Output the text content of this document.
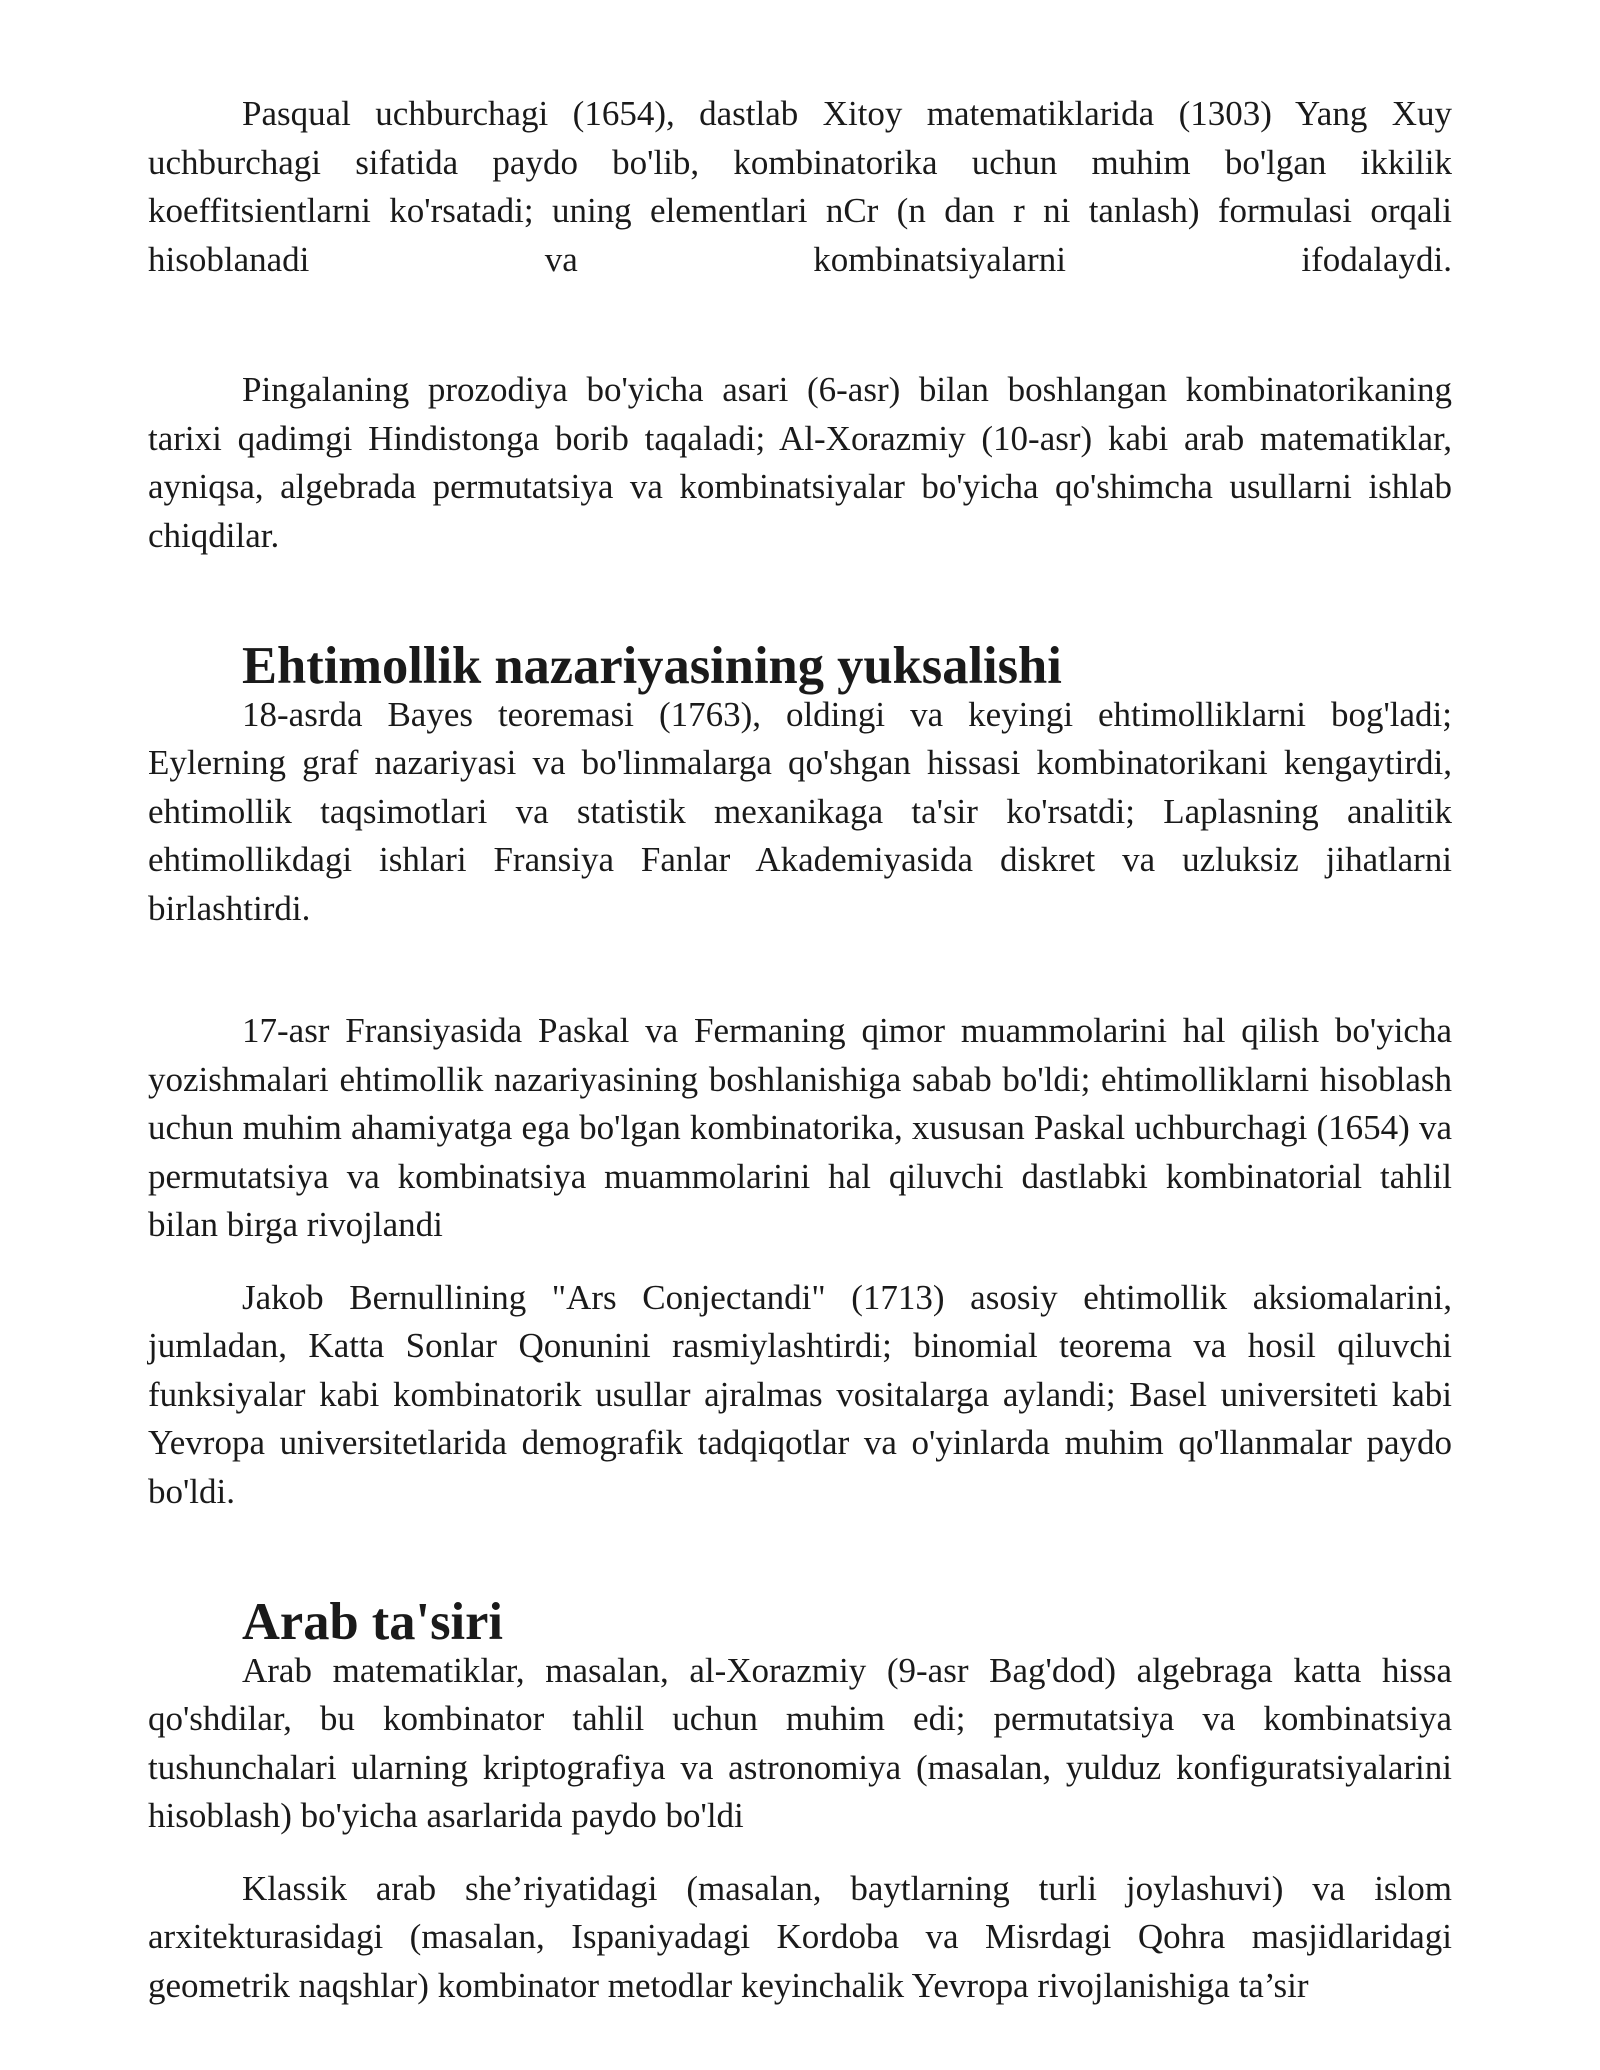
Pasqual uchburchagi (1654), dastlab Xitoy matematiklarida (1303) Yang Xuy uchburchagi sifatida paydo bo'lib, kombinatorika uchun muhim bo'lgan ikkilik koeffitsientlarni ko'rsatadi; uning elementlari nCr (n dan r ni tanlash) formulasi orqali hisoblanadi va kombinatsiyalarni ifodalaydi.

Pingalaning prozodiya bo'yicha asari (6-asr) bilan boshlangan kombinatorikaning tarixi qadimgi Hindistonga borib taqaladi; Al-Xorazmiy (10-asr) kabi arab matematiklar, ayniqsa, algebrada permutatsiya va kombinatsiyalar bo'yicha qo'shimcha usullarni ishlab chiqdilar.

Ehtimollik nazariyasining yuksalishi

18-asrda Bayes teoremasi (1763), oldingi va keyingi ehtimolliklarni bog'ladi; Eylerning graf nazariyasi va bo'linmalarga qo'shgan hissasi kombinatorikani kengaytirdi, ehtimollik taqsimotlari va statistik mexanikaga ta'sir ko'rsatdi; Laplasning analitik ehtimollikdagi ishlari Fransiya Fanlar Akademiyasida diskret va uzluksiz jihatlarni birlashtirdi.

17-asr Fransiyasida Paskal va Fermaning qimor muammolarini hal qilish bo'yicha yozishmalari ehtimollik nazariyasining boshlanishiga sabab bo'ldi; ehtimolliklarni hisoblash uchun muhim ahamiyatga ega bo'lgan kombinatorika, xususan Paskal uchburchagi (1654) va permutatsiya va kombinatsiya muammolarini hal qiluvchi dastlabki kombinatorial tahlil bilan birga rivojlandi

Jakob Bernullining "Ars Conjectandi" (1713) asosiy ehtimollik aksiomalarini, jumladan, Katta Sonlar Qonunini rasmiylashtirdi; binomial teorema va hosil qiluvchi funksiyalar kabi kombinatorik usullar ajralmas vositalarga aylandi; Basel universiteti kabi Yevropa universitetlarida demografik tadqiqotlar va o'yinlarda muhim qo'llanmalar paydo bo'ldi.

Arab ta'siri

Arab matematiklar, masalan, al-Xorazmiy (9-asr Bag'dod) algebraga katta hissa qo'shdilar, bu kombinator tahlil uchun muhim edi; permutatsiya va kombinatsiya tushunchalari ularning kriptografiya va astronomiya (masalan, yulduz konfiguratsiyalarini hisoblash) bo'yicha asarlarida paydo bo'ldi

Klassik arab she’riyatidagi (masalan, baytlarning turli joylashuvi) va islom arxitekturasidagi (masalan, Ispaniyadagi Kordoba va Misrdagi Qohra masjidlaridagi geometrik naqshlar) kombinator metodlar keyinchalik Yevropa rivojlanishiga ta’sir
